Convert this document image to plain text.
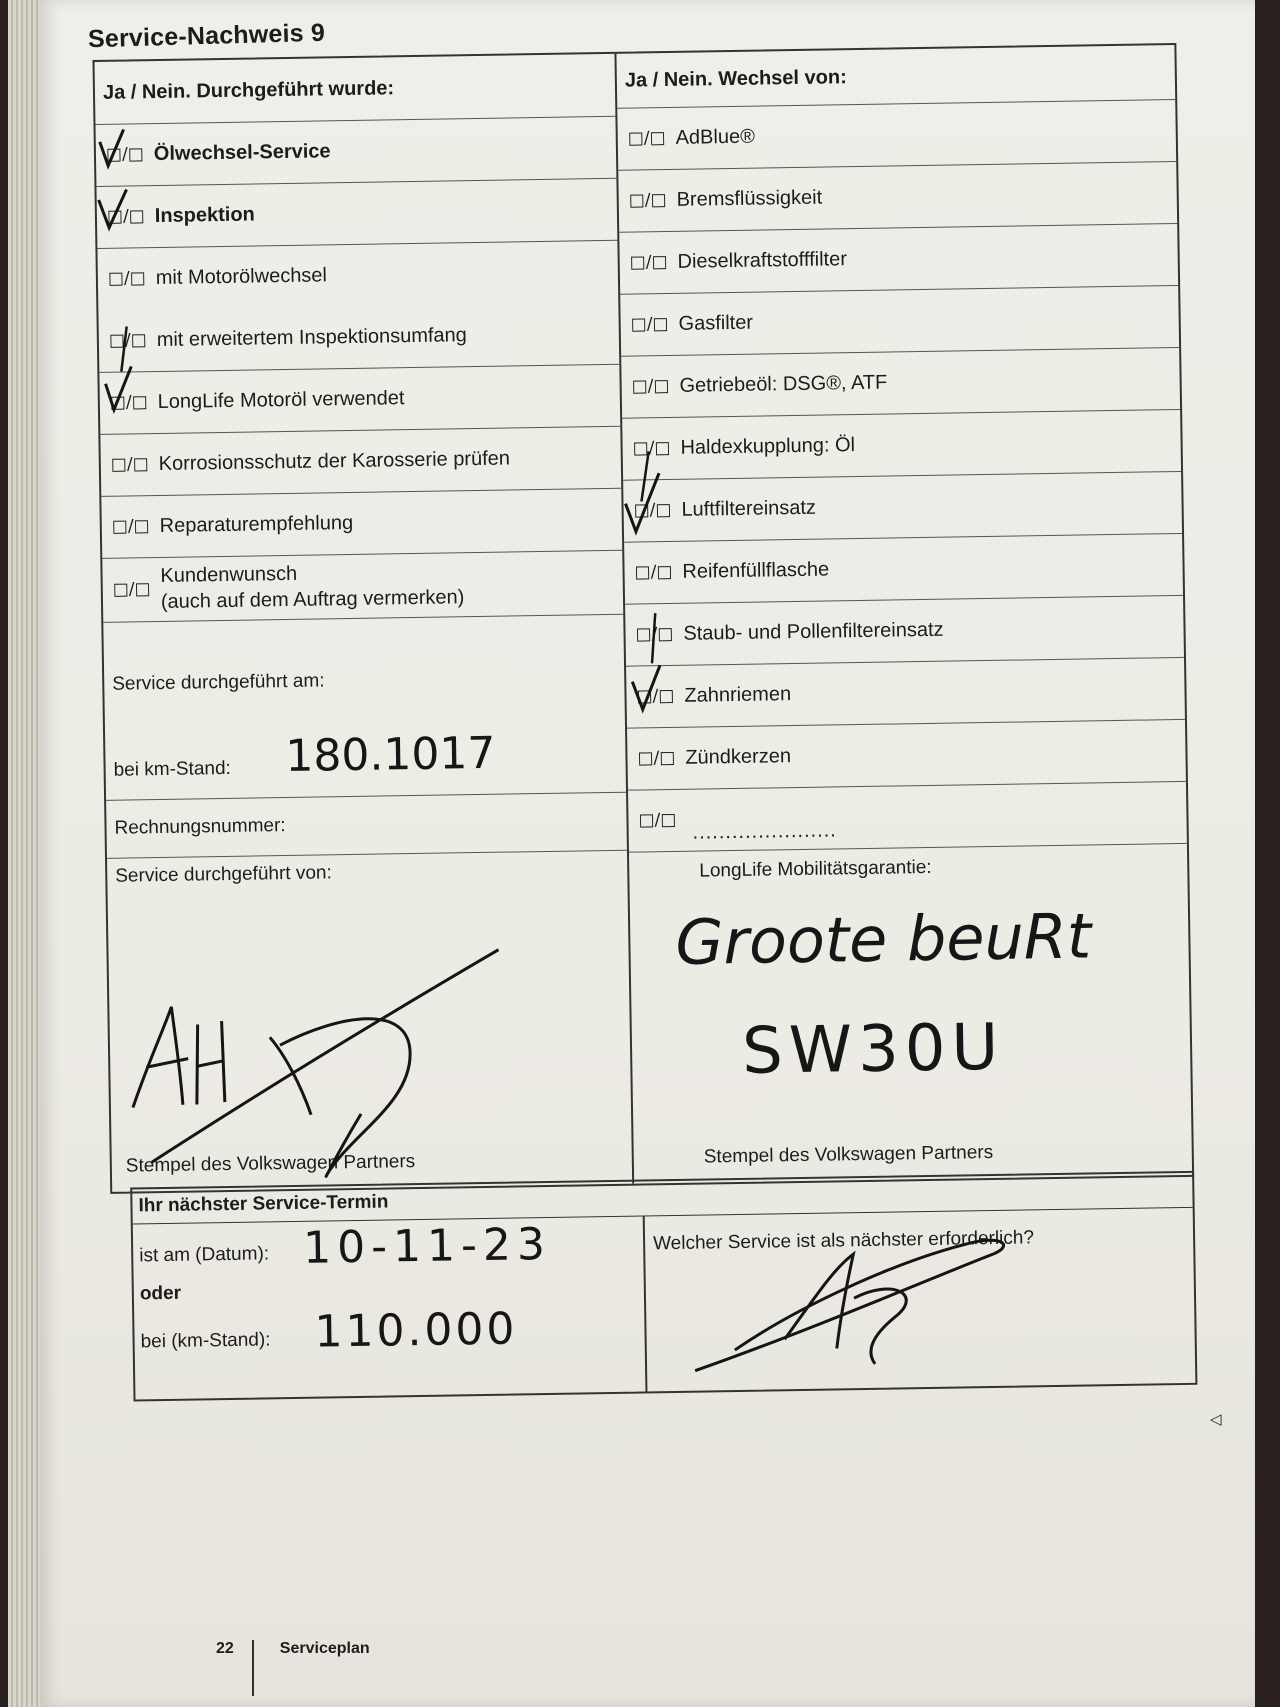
Service-Nachweis 9
Ja / Nein. Durchgeführt wurde:
□/□ Ölwechsel-Service
□/□ Inspektion
□/□ mit Motorölwechsel
□/□ mit erweitertem Inspektionsumfang
□/□ LongLife Motoröl verwendet
□/□ Korrosionsschutz der Karosserie prüfen
□/□ Reparaturempfehlung
□/□
Kundenwunsch
(auch auf dem Auftrag vermerken)
Service durchgeführt am:
bei km-Stand: 180.1017
Rechnungsnummer:
Service durchgeführt von:
Stempel des Volkswagen Partners
Ja / Nein. Wechsel von:
□/□ AdBlue®
□/□ Bremsflüssigkeit
□/□ Dieselkraftstofffilter
□/□ Gasfilter
□/□ Getriebeöl: DSG®, ATF
□/□ Haldexkupplung: Öl
□/□ Luftfiltereinsatz
□/□ Reifenfüllflasche
□/□ Staub- und Pollenfiltereinsatz
□/□ Zahnriemen
□/□ Zündkerzen
□/□ ......................
LongLife Mobilitätsgarantie:
Groote beuRt
SW30U
Stempel des Volkswagen Partners
Ihr nächster Service-Termin
ist am (Datum): 10-11-23
oder
bei (km-Stand): 110.000
Welcher Service ist als nächster erforderlich?
22	Serviceplan
◁
